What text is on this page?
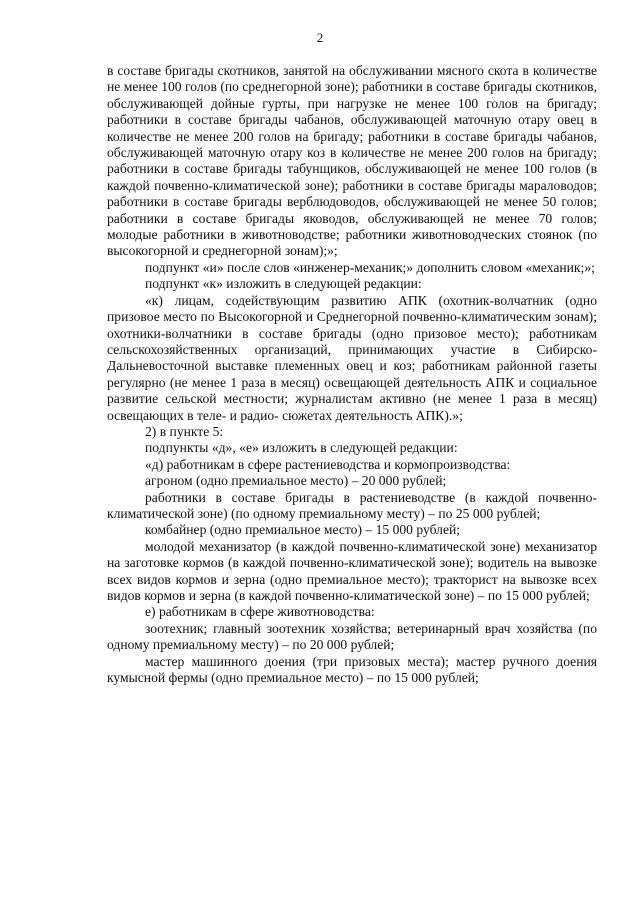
2

в составе бригады скотников, занятой на обслуживании мясного скота в количестве не менее 100 голов (по среднегорной зоне); работники в составе бригады скотников, обслуживающей дойные гурты, при нагрузке не менее 100 голов на бригаду; работники в составе бригады чабанов, обслуживающей маточную отару овец в количестве не менее 200 голов на бригаду; работники в составе бригады чабанов, обслуживающей маточную отару коз в количестве не менее 200 голов на бригаду; работники в составе бригады табунщиков, обслуживающей не менее 100 голов (в каждой почвенно-климатической зоне); работники в составе бригады мараловодов; работники в составе бригады верблюдоводов, обслуживающей не менее 50 голов; работники в составе бригады яководов, обслуживающей не менее 70 голов; молодые работники в животноводстве; работники животноводческих стоянок (по высокогорной и среднегорной зонам);»;

подпункт «и» после слов «инженер-механик;» дополнить словом «механик;»;

подпункт «к» изложить в следующей редакции:

«к) лицам, содействующим развитию АПК (охотник-волчатник (одно призовое место по Высокогорной и Среднегорной почвенно-климатическим зонам); охотники-волчатники в составе бригады (одно призовое место); работникам сельскохозяйственных организаций, принимающих участие в Сибирско-Дальневосточной выставке племенных овец и коз; работникам районной газеты регулярно (не менее 1 раза в месяц) освещающей деятельность АПК и социальное развитие сельской местности; журналистам активно (не менее 1 раза в месяц) освещающих в теле- и радио- сюжетах деятельность АПК).»;

2) в пункте 5:

подпункты «д», «е» изложить в следующей редакции:

«д) работникам в сфере растениеводства и кормопроизводства:

агроном (одно премиальное место) – 20 000 рублей;

работники в составе бригады в растениеводстве (в каждой почвенно-климатической зоне) (по одному премиальному месту) – по 25 000 рублей;

комбайнер (одно премиальное место) – 15 000 рублей;

молодой механизатор (в каждой почвенно-климатической зоне) механизатор на заготовке кормов (в каждой почвенно-климатической зоне); водитель на вывозке всех видов кормов и зерна (одно премиальное место); тракторист на вывозке всех видов кормов и зерна (в каждой почвенно-климатической зоне) – по 15 000 рублей;

е) работникам в сфере животноводства:

зоотехник; главный зоотехник хозяйства; ветеринарный врач хозяйства (по одному премиальному месту) – по 20 000 рублей;

мастер машинного доения (три призовых места); мастер ручного доения кумысной фермы (одно премиальное место) – по 15 000 рублей;
